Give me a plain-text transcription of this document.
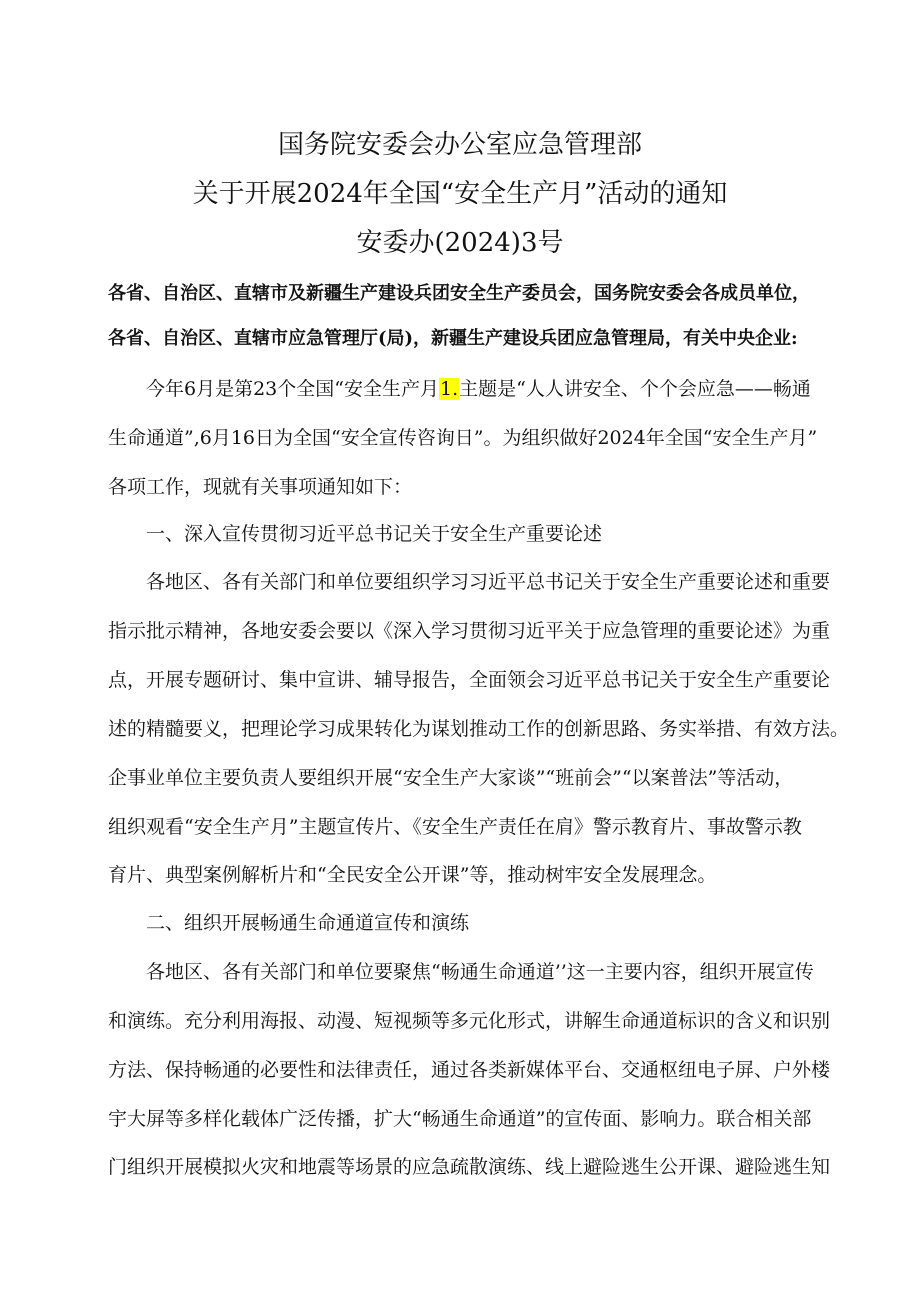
国务院安委会办公室应急管理部
关于开展2024年全国“安全生产月”活动的通知
安委办(2024)3号
各省、自治区、直辖市及新疆生产建设兵团安全生产委员会，国务院安委会各成员单位，
各省、自治区、直辖市应急管理厅(局)，新疆生产建设兵团应急管理局，有关中央企业:
今年6月是第23个全国“安全生产月1.主题是“人人讲安全、个个会应急——畅通
生命通道”,6月16日为全国“安全宣传咨询日”。为组织做好2024年全国“安全生产月”
各项工作，现就有关事项通知如下：
一、深入宣传贯彻习近平总书记关于安全生产重要论述
各地区、各有关部门和单位要组织学习习近平总书记关于安全生产重要论述和重要
指示批示精神，各地安委会要以《深入学习贯彻习近平关于应急管理的重要论述》为重
点，开展专题研讨、集中宣讲、辅导报告，全面领会习近平总书记关于安全生产重要论
述的精髓要义，把理论学习成果转化为谋划推动工作的创新思路、务实举措、有效方法。
企事业单位主要负责人要组织开展“安全生产大家谈”“班前会”“以案普法”等活动，
组织观看“安全生产月”主题宣传片、《安全生产责任在肩》警示教育片、事故警示教
育片、典型案例解析片和“全民安全公开课”等，推动树牢安全发展理念。
二、组织开展畅通生命通道宣传和演练
各地区、各有关部门和单位要聚焦“畅通生命通道’’这一主要内容，组织开展宣传
和演练。充分利用海报、动漫、短视频等多元化形式，讲解生命通道标识的含义和识别
方法、保持畅通的必要性和法律责任，通过各类新媒体平台、交通枢纽电子屏、户外楼
宇大屏等多样化载体广泛传播，扩大“畅通生命通道”的宣传面、影响力。联合相关部
门组织开展模拟火灾和地震等场景的应急疏散演练、线上避险逃生公开课、避险逃生知
